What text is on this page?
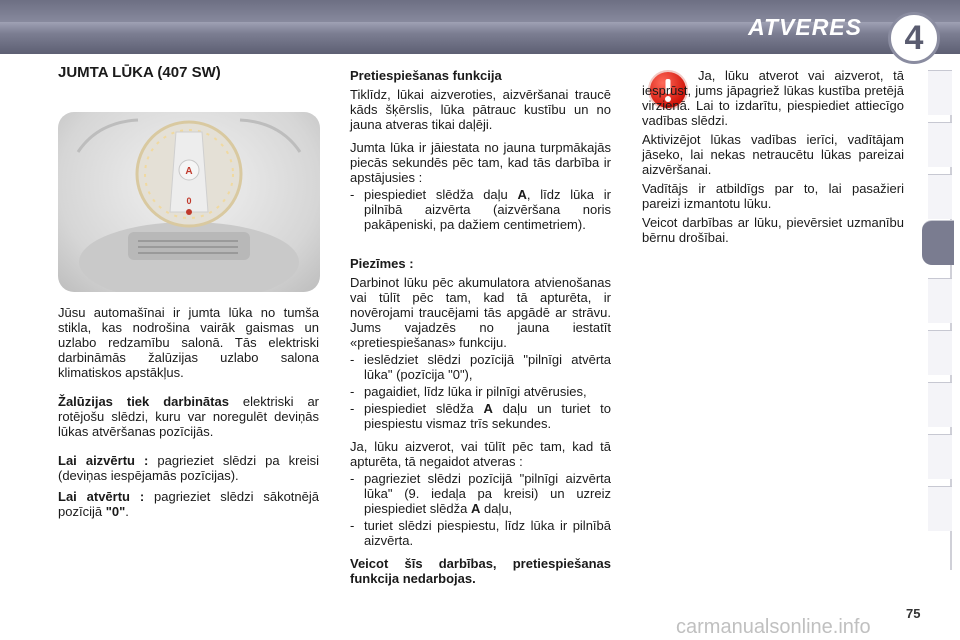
ATVERES	4
JUMTA LŪKA (407 SW)
A
0

Jūsu automašīnai ir jumta lūka no tumša stikla, kas nodrošina vairāk gaismas un uzlabo redzamību salonā. Tās elektriski darbināmās žalūzijas uzlabo salona klimatiskos apstākļus.

Žalūzijas tiek darbinātas elektriski ar rotējošu slēdzi, kuru var noregulēt deviņās lūkas atvēršanas pozīcijās.

Lai aizvērtu : pagrieziet slēdzi pa kreisi (deviņas iespējamās pozīcijas).

Lai atvērtu : pagrieziet slēdzi sākotnējā pozīcijā "0".

Pretiespiešanas funkcija

Tiklīdz, lūkai aizveroties, aizvēršanai traucē kāds šķērslis, lūka pātrauc kustību un no jauna atveras tikai daļēji.

Jumta lūka ir jāiestata no jauna turpmākajās piecās sekundēs pēc tam, kad tās darbība ir apstājusies :

- piespiediet slēdža daļu A, līdz lūka ir pilnībā aizvērta (aizvēršana noris pakāpeniski, pa dažiem centimetriem).

Piezīmes :

Darbinot lūku pēc akumulatora atvienošanas vai tūlīt pēc tam, kad tā apturēta, ir novērojami traucējami tās apgādē ar strāvu. Jums vajadzēs no jauna iestatīt «pretiespiešanas» funkciju.

- ieslēdziet slēdzi pozīcijā "pilnīgi atvērta lūka" (pozīcija "0"),
- pagaidiet, līdz lūka ir pilnīgi atvērusies,
- piespiediet slēdža A daļu un turiet to piespiestu vismaz trīs sekundes.

Ja, lūku aizverot, vai tūlīt pēc tam, kad tā apturēta, tā negaidot atveras :

- pagrieziet slēdzi pozīcijā "pilnīgi aizvērta lūka" (9. iedaļa pa kreisi) un uzreiz piespiediet slēdža A daļu,
- turiet slēdzi piespiestu, līdz lūka ir pilnībā aizvērta.

Veicot šīs darbības, pretiespiešanas funkcija nedarbojas.

Ja, lūku atverot vai aizverot, tā iesprūst, jums jāpagriež lūkas kustība pretējā virzienā. Lai to izdarītu, piespiediet attiecīgo vadības slēdzi.

Aktivizējot lūkas vadības ierīci, vadītājam jāseko, lai nekas netraucētu lūkas pareizai aizvēršanai.

Vadītājs ir atbildīgs par to, lai pasažieri pareizi izmantotu lūku.

Veicot darbības ar lūku, pievērsiet uzmanību bērnu drošībai.

75
carmanualsonline.info
